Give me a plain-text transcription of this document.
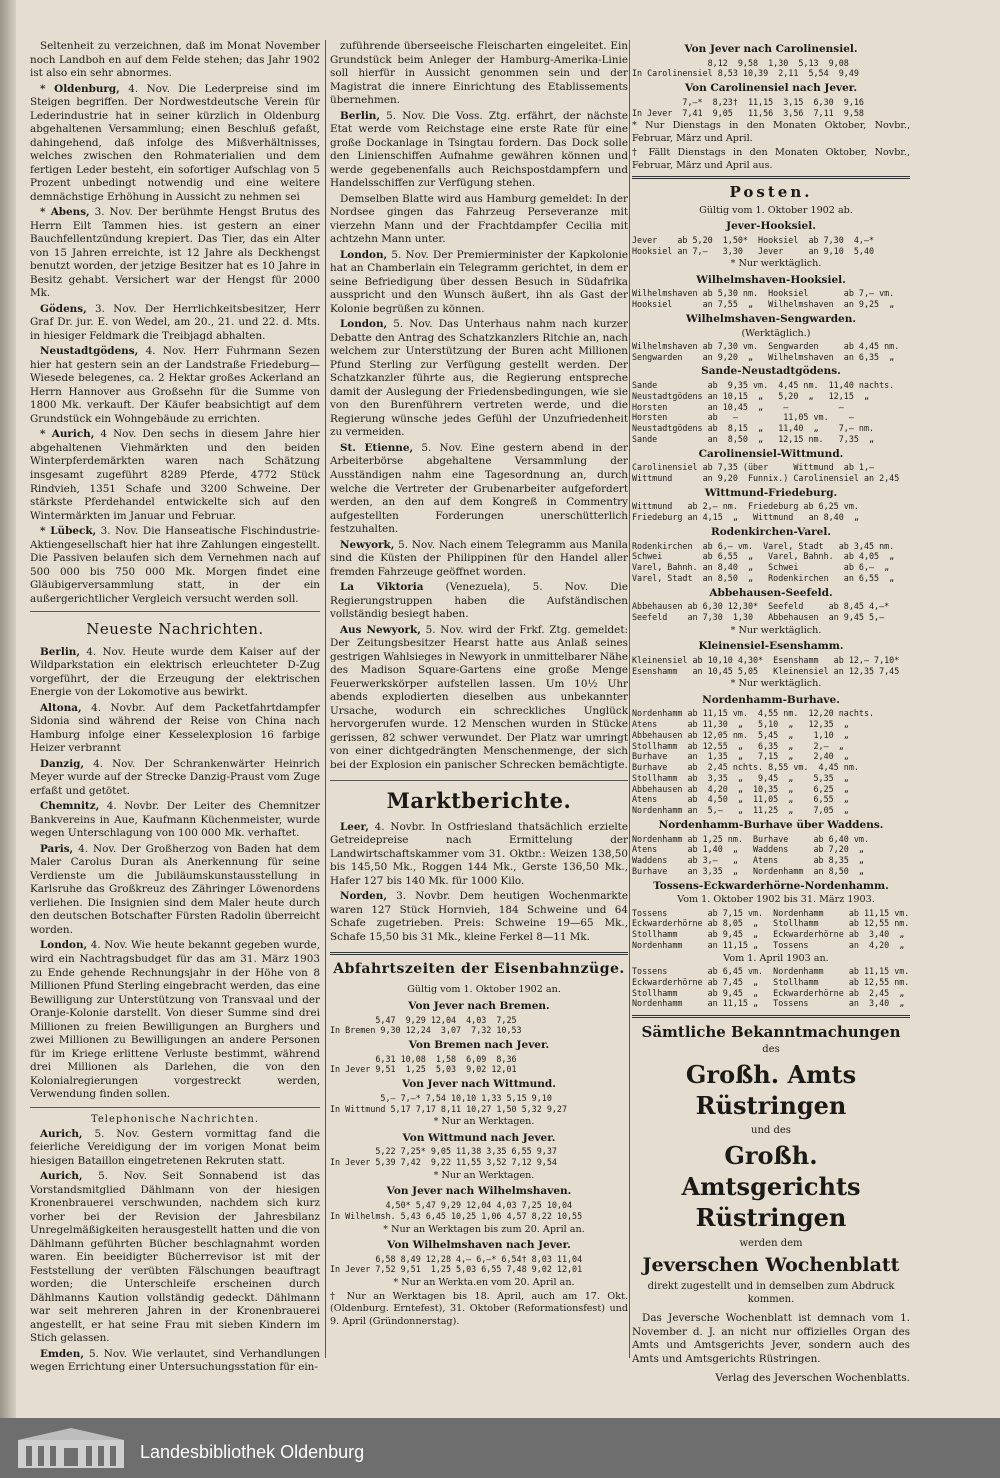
Seltenheit zu verzeichnen, daß im Monat November noch Landboh en auf dem Felde stehen; das Jahr 1902 ist also ein sehr abnormes.

* Oldenburg, 4. Nov. Die Lederpreise sind im Steigen begriffen. Der Nordwestdeutsche Verein für Lederindustrie hat in seiner kürzlich in Oldenburg abgehaltenen Versammlung; einen Beschluß gefaßt, dahingehend, daß infolge des Mißverhältnisses, welches zwischen den Rohmaterialien und dem fertigen Leder besteht, ein sofortiger Aufschlag von 5 Prozent unbedingt notwendig und eine weitere demnächstige Erhöhung in Aussicht zu nehmen sei

* Abens, 3. Nov. Der berühmte Hengst Brutus des Herrn Eilt Tammen hies. ist gestern an einer Bauchfellentzündung krepiert. Das Tier, das ein Alter von 15 Jahren erreichte, ist 12 Jahre als Deckhengst benutzt worden, der jetzige Besitzer hat es 10 Jahre in Besitz gehabt. Versichert war der Hengst für 2000 Mk.

Gödens, 3. Nov. Der Herrlichkeitsbesitzer, Herr Graf Dr. jur. E. von Wedel, am 20., 21. und 22. d. Mts. in hiesiger Feldmark die Treibjagd abhalten.

Neustadtgödens, 4. Nov. Herr Fuhrmann Sezen hier hat gestern sein an der Landstraße Friedeburg—Wiesede belegenes, ca. 2 Hektar großes Ackerland an Herrn Hannover aus Großsehn für die Summe von 1800 Mk. verkauft. Der Käufer beabsichtigt auf dem Grundstück ein Wohngebäude zu errichten.

* Aurich, 4 Nov. Den sechs in diesem Jahre hier abgehaltenen Viehmärkten und den beiden Winterpferdemärkten waren nach Schätzung insgesamt zugeführt 8289 Pferde, 4772 Stück Rindvieh, 1351 Schafe und 3200 Schweine. Der stärkste Pferdehandel entwickelte sich auf den Wintermärkten im Januar und Februar.

* Lübeck, 3. Nov. Die Hanseatische Fischindustrie-Aktiengesellschaft hier hat ihre Zahlungen eingestellt. Die Passiven belaufen sich dem Vernehmen nach auf 500 000 bis 750 000 Mk. Morgen findet eine Gläubigerversammlung statt, in der ein außergerichtlicher Vergleich versucht werden soll.

Neueste Nachrichten.

Berlin, 4. Nov. Heute wurde dem Kaiser auf der Wildparkstation ein elektrisch erleuchteter D-Zug vorgeführt, der die Erzeugung der elektrischen Energie von der Lokomotive aus bewirkt.

Altona, 4. Novbr. Auf dem Packetfahrtdampfer Sidonia sind während der Reise von China nach Hamburg infolge einer Kesselexplosion 16 farbige Heizer verbrannt

Danzig, 4. Nov. Der Schrankenwärter Heinrich Meyer wurde auf der Strecke Danzig-Praust vom Zuge erfaßt und getötet.

Chemnitz, 4. Novbr. Der Leiter des Chemnitzer Bankvereins in Aue, Kaufmann Küchenmeister, wurde wegen Unterschlagung von 100 000 Mk. verhaftet.

Paris, 4. Nov. Der Großherzog von Baden hat dem Maler Carolus Duran als Anerkennung für seine Verdienste um die Jubiläumskunstausstellung in Karlsruhe das Großkreuz des Zähringer Löwenordens verliehen. Die Insignien sind dem Maler heute durch den deutschen Botschafter Fürsten Radolin überreicht worden.

London, 4. Nov. Wie heute bekannt gegeben wurde, wird ein Nachtragsbudget für das am 31. März 1903 zu Ende gehende Rechnungsjahr in der Höhe von 8 Millionen Pfund Sterling eingebracht werden, das eine Bewilligung zur Unterstützung von Transvaal und der Oranje-Kolonie darstellt. Von dieser Summe sind drei Millionen zu freien Bewilligungen an Burghers und zwei Millionen zu Bewilligungen an andere Personen für im Kriege erlittene Verluste bestimmt, während drei Millionen als Darlehen, die von den Kolonialregierungen vorgestreckt werden, Verwendung finden sollen.

Telephonische Nachrichten.

Aurich, 5. Nov. Gestern vormittag fand die feierliche Vereidigung der im vorigen Monat beim hiesigen Bataillon eingetretenen Rekruten statt.

Aurich, 5. Nov. Seit Sonnabend ist das Vorstandsmitglied Dählmann von der hiesigen Kronenbrauerei verschwunden, nachdem sich kurz vorher bei der Revision der Jahresbilanz Unregelmäßigkeiten herausgestellt hatten und die von Dählmann geführten Bücher beschlagnahmt worden waren. Ein beeidigter Bücherrevisor ist mit der Feststellung der verübten Fälschungen beauftragt worden; die Unterschleife erscheinen durch Dählmanns Kaution vollständig gedeckt. Dählmann war seit mehreren Jahren in der Kronenbrauerei angestellt, er hat seine Frau mit sieben Kindern im Stich gelassen.

Emden, 5. Nov. Wie verlautet, sind Verhandlungen wegen Errichtung einer Untersuchungsstation für ein-

zuführende überseeische Fleischarten eingeleitet. Ein Grundstück beim Anleger der Hamburg-Amerika-Linie soll hierfür in Aussicht genommen sein und der Magistrat die innere Einrichtung des Etablissements übernehmen.

Berlin, 5. Nov. Die Voss. Ztg. erfährt, der nächste Etat werde vom Reichstage eine erste Rate für eine große Dockanlage in Tsingtau fordern. Das Dock solle den Linienschiffen Aufnahme gewähren können und werde gegebenenfalls auch Reichspostdampfern und Handelsschiffen zur Verfügung stehen.

Demselben Blatte wird aus Hamburg gemeldet: In der Nordsee gingen das Fahrzeug Perseveranze mit vierzehn Mann und der Frachtdampfer Cecilia mit achtzehn Mann unter.

London, 5. Nov. Der Premierminister der Kapkolonie hat an Chamberlain ein Telegramm gerichtet, in dem er seine Befriedigung über dessen Besuch in Südafrika ausspricht und den Wunsch äußert, ihn als Gast der Kolonie begrüßen zu können.

London, 5. Nov. Das Unterhaus nahm nach kurzer Debatte den Antrag des Schatzkanzlers Ritchie an, nach welchem zur Unterstützung der Buren acht Millionen Pfund Sterling zur Verfügung gestellt werden. Der Schatzkanzler führte aus, die Regierung entspreche damit der Auslegung der Friedensbedingungen, wie sie von den Burenführern vertreten werde, und die Regierung wünsche jedes Gefühl der Unzufriedenheit zu vermeiden.

St. Etienne, 5. Nov. Eine gestern abend in der Arbeiterbörse abgehaltene Versammlung der Ausständigen nahm eine Tagesordnung an, durch welche die Vertreter der Grubenarbeiter aufgefordert werden, an den auf dem Kongreß in Commentry aufgestellten Forderungen unerschütterlich festzuhalten.

Newyork, 5. Nov. Nach einem Telegramm aus Manila sind die Küsten der Philippinen für den Handel aller fremden Fahrzeuge geöffnet worden.

La Viktoria (Venezuela), 5. Nov. Die Regierungstruppen haben die Aufständischen vollständig besiegt haben.

Aus Newyork, 5. Nov. wird der Frkf. Ztg. gemeldet: Der Zeitungsbesitzer Hearst hatte aus Anlaß seines gestrigen Wahlsieges in Newyork in unmittelbarer Nähe des Madison Square-Gartens eine große Menge Feuerwerkskörper aufstellen lassen. Um 10½ Uhr abends explodierten dieselben aus unbekannter Ursache, wodurch ein schreckliches Unglück hervorgerufen wurde. 12 Menschen wurden in Stücke gerissen, 82 schwer verwundet. Der Platz war umringt von einer dichtgedrängten Menschenmenge, der sich bei der Explosion ein panischer Schrecken bemächtigte.

Marktberichte.

Leer, 4. Novbr. In Ostfriesland thatsächlich erzielte Getreidepreise nach Ermittelung der Landwirtschaftskammer vom 31. Oktbr.: Weizen 138,50 bis 145,50 Mk., Roggen 144 Mk., Gerste 136,50 Mk., Hafer 127 bis 140 Mk. für 1000 Kilo.

Norden, 3. Novbr. Dem heutigen Wochenmarkte waren 127 Stück Hornvieh, 184 Schweine und 64 Schafe zugetrieben. Preis: Schweine 19—65 Mk., Schafe 15,50 bis 31 Mk., kleine Ferkel 8—11 Mk.

Abfahrtszeiten der Eisenbahnzüge.

Gültig vom 1. Oktober 1902 an.

Von Jever nach Bremen.

5,47  9,29 12,04  4,03  7,25
In Bremen 9,30 12,24  3,07  7,32 10,53

Von Bremen nach Jever.

6,31 10,08  1,58  6,09  8,36
In Jever 9,51  1,25  5,03  9,02 12,01

Von Jever nach Wittmund.

5,— 7,—* 7,54 10,10 1,33 5,15 9,10
In Wittmund 5,17 7,17 8,11 10,27 1,50 5,32 9,27

* Nur an Werktagen.

Von Wittmund nach Jever.

5,22 7,25* 9,05 11,38 3,35 6,55 9,37
In Jever 5,39 7,42  9,22 11,55 3,52 7,12 9,54

* Nur an Werktagen.

Von Jever nach Wilhelmshaven.

4,50* 5,47 9,29 12,04 4,03 7,25 10,04
In Wilhelmsh. 5,43 6,45 10,25 1,06 4,57 8,22 10,55

* Nur an Werktagen bis zum 20. April an.

Von Wilhelmshaven nach Jever.

6,58 8,49 12,28 4,— 6,—* 6,54† 8,03 11,04
In Jever 7,52 9,51  1,25 5,03 6,55 7,48 9,02 12,01

* Nur an Werkta.en vom 20. April an.

† Nur an Werktagen bis 18. April, auch am 17. Okt. (Oldenburg. Erntefest), 31. Oktober (Reformationsfest) und 9. April (Gründonnerstag).

Von Jever nach Carolinensiel.

8,12  9,58  1,30  5,13  9,08
In Carolinensiel 8,53 10,39  2,11  5,54  9,49

Von Carolinensiel nach Jever.

7,—*  8,23†  11,15  3,15  6,30  9,16
In Jever  7,41  9,05   11,56  3,56  7,11  9,58

* Nur Dienstags in den Monaten Oktober, Novbr., Februar, März und April.

† Fällt Dienstags in den Monaten Oktober, Novbr., Februar, März und April aus.

Posten.

Gültig vom 1. Oktober 1902 ab.

Jever-Hooksiel.

Jever    ab 5,20  1,50*  Hooksiel  ab 7,30  4,—*
Hooksiel an 7,—   3,30   Jever     an 9,10  5,40

* Nur werktäglich.

Wilhelmshaven-Hooksiel.

Wilhelmshaven ab 5,30 nm.  Hooksiel       ab 7,— vm.
Hooksiel      an 7,55  „   Wilhelmshaven  an 9,25  „

Wilhelmshaven-Sengwarden.

(Werktäglich.)

Wilhelmshaven ab 7,30 vm.  Sengwarden     ab 4,45 nm.
Sengwarden    an 9,20  „   Wilhelmshaven  an 6,35  „

Sande-Neustadtgödens.

Sande          ab  9,35 vm.  4,45 nm.  11,40 nachts.
Neustadtgödens an 10,15  „   5,20  „   12,15  „
Horsten        an 10,45  „    —          —
Horsten        ab   —         11,05 vm.    —
Neustadtgödens ab  8,15  „   11,40  „    7,— nm.
Sande          an  8,50  „   12,15 nm.   7,35  „

Carolinensiel-Wittmund.

Carolinensiel ab 7,35 (über     Wittmund  ab 1,—
Wittmund      an 9,20  Funnix.) Carolinensiel an 2,45

Wittmund-Friedeburg.

Wittmund   ab 2,— nm.  Friedeburg ab 6,25 vm.
Friedeburg an 4,15  „   Wittmund   an 8,40  „

Rodenkirchen-Varel.

Rodenkirchen  ab 6,— vm.  Varel, Stadt   ab 3,45 nm.
Schwei        ab 6,55  „   Varel, Bahnh.  ab 4,05  „
Varel, Bahnh. an 8,40  „   Schwei         ab 6,—  „
Varel, Stadt  an 8,50  „   Rodenkirchen   an 6,55  „

Abbehausen-Seefeld.

Abbehausen ab 6,30 12,30*  Seefeld     ab 8,45 4,—*
Seefeld    an 7,30  1,30   Abbehausen  an 9,45 5,—

* Nur werktäglich.

Kleinensiel-Esenshamm.

Kleinensiel ab 10,10 4,30*  Esenshamm   ab 12,— 7,10*
Esenshamm   an 10,45 5,05   Kleinensiel an 12,35 7,45

* Nur werktäglich.

Nordenhamm-Burhave.

Nordenhamm ab 11,15 vm.  4,55 nm.  12,20 nachts.
Atens      ab 11,30  „   5,10  „   12,35  „
Abbehausen ab 12,05 nm.  5,45  „    1,10  „
Stollhamm  ab 12,55  „   6,35  „    2,—  „
Burhave    an  1,35  „   7,15  „    2,40  „
Burhave    ab  2,45 nchts. 8,55 vm.  4,45 nm.
Stollhamm  ab  3,35  „   9,45  „    5,35  „
Abbehausen ab  4,20  „  10,35  „    6,25  „
Atens      ab  4,50  „  11,05  „    6,55  „
Nordenhamm an  5,—   „  11,25  „    7,05  „

Nordenhamm-Burhave über Waddens.

Nordenhamm ab 1,25 nm.  Burhave     ab 6,40 vm.
Atens      ab 1,40  „   Waddens     ab 7,20  „
Waddens    ab 3,—   „   Atens       ab 8,35  „
Burhave    an 3,35  „   Nordenhamm  an 8,50  „

Tossens-Eckwarderhörne-Nordenhamm.

Vom 1. Oktober 1902 bis 31. März 1903.

Tossens        ab 7,15 vm.  Nordenhamm     ab 11,15 vm.
Eckwarderhörne ab 8,05  „   Stollhamm      ab 12,55 nm.
Stollhamm      ab 9,45  „   Eckwarderhörne ab  3,40  „
Nordenhamm     an 11,15 „   Tossens        an  4,20  „

Vom 1. April 1903 an.

Tossens        ab 6,45 vm.  Nordenhamm     ab 11,15 vm.
Eckwarderhörne ab 7,45  „   Stollhamm      ab 12,55 nm.
Stollhamm      ab 9,45  „   Eckwarderhörne ab  2,45  „
Nordenhamm     an 11,15 „   Tossens        an  3,40  „
Sämtliche Bekanntmachungen
des
Großh. Amts Rüstringen
und des
Großh. Amtsgerichts Rüstringen
werden dem
Jeverschen Wochenblatt
direkt zugestellt und in demselben zum Abdruck kommen.

Das Jeversche Wochenblatt ist demnach vom 1. November d. J. an nicht nur offizielles Organ des Amts und Amtsgerichts Jever, sondern auch des Amts und Amtsgerichts Rüstringen.

Verlag des Jeverschen Wochenblatts.
Landesbibliothek Oldenburg
